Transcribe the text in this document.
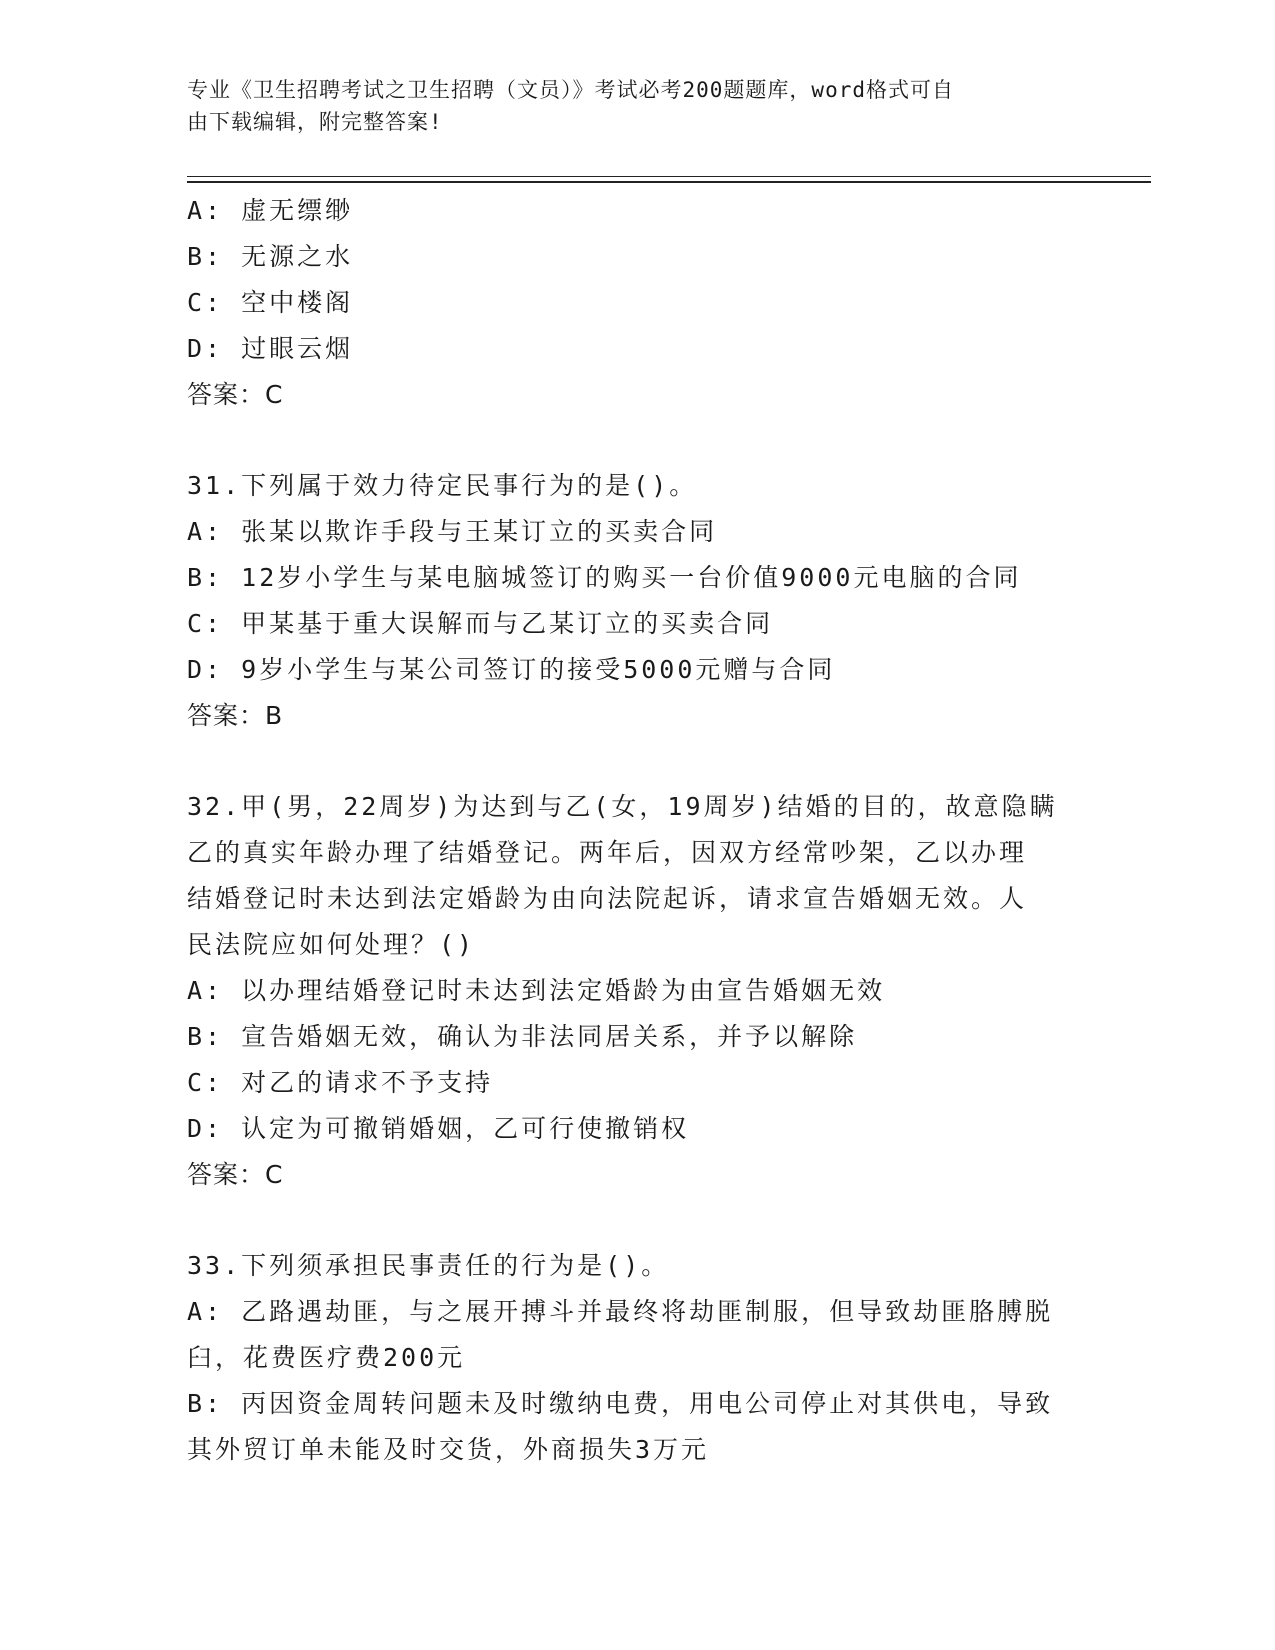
专业《卫生招聘考试之卫生招聘（文员）》考试必考200题题库，word格式可自
由下载编辑，附完整答案!
A: 虚无缥缈
B: 无源之水
C: 空中楼阁
D: 过眼云烟
答案：C
31.下列属于效力待定民事行为的是()。
A: 张某以欺诈手段与王某订立的买卖合同
B: 12岁小学生与某电脑城签订的购买一台价值9000元电脑的合同
C: 甲某基于重大误解而与乙某订立的买卖合同
D: 9岁小学生与某公司签订的接受5000元赠与合同
答案：B
32.甲(男，22周岁)为达到与乙(女，19周岁)结婚的目的，故意隐瞒
乙的真实年龄办理了结婚登记。两年后，因双方经常吵架，乙以办理
结婚登记时未达到法定婚龄为由向法院起诉，请求宣告婚姻无效。人
民法院应如何处理？()
A: 以办理结婚登记时未达到法定婚龄为由宣告婚姻无效
B: 宣告婚姻无效，确认为非法同居关系，并予以解除
C: 对乙的请求不予支持
D: 认定为可撤销婚姻，乙可行使撤销权
答案：C
33.下列须承担民事责任的行为是()。
A: 乙路遇劫匪，与之展开搏斗并最终将劫匪制服，但导致劫匪胳膊脱
臼，花费医疗费200元
B: 丙因资金周转问题未及时缴纳电费，用电公司停止对其供电，导致
其外贸订单未能及时交货，外商损失3万元
